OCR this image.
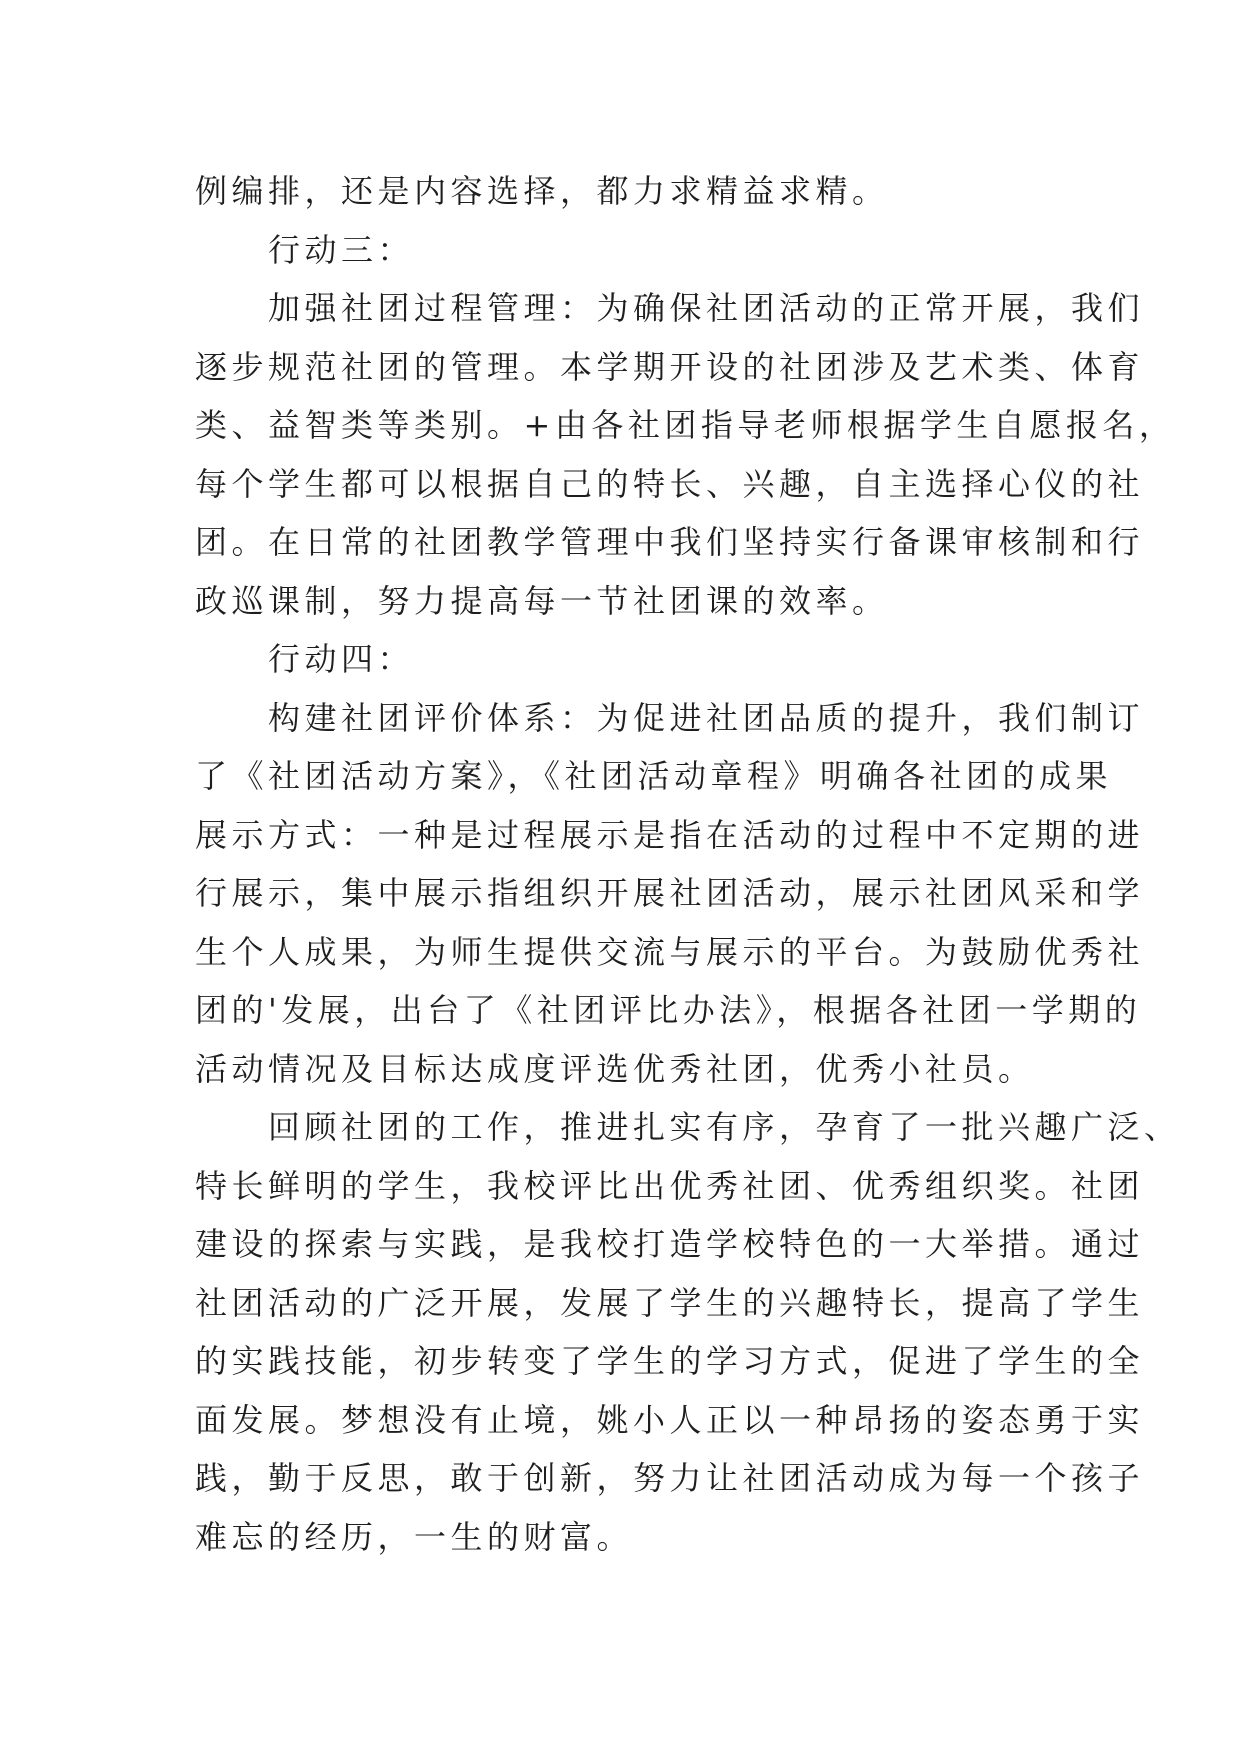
例编排，还是内容选择，都力求精益求精。
　　行动三：
　　加强社团过程管理：为确保社团活动的正常开展，我们
逐步规范社团的管理。本学期开设的社团涉及艺术类、体育
类、益智类等类别。+由各社团指导老师根据学生自愿报名，
每个学生都可以根据自己的特长、兴趣，自主选择心仪的社
团。在日常的社团教学管理中我们坚持实行备课审核制和行
政巡课制，努力提高每一节社团课的效率。
　　行动四：
　　构建社团评价体系：为促进社团品质的提升，我们制订
了《社团活动方案》，《社团活动章程》明确各社团的成果
展示方式：一种是过程展示是指在活动的过程中不定期的进
行展示，集中展示指组织开展社团活动，展示社团风采和学
生个人成果，为师生提供交流与展示的平台。为鼓励优秀社
团的'发展，出台了《社团评比办法》，根据各社团一学期的
活动情况及目标达成度评选优秀社团，优秀小社员。
　　回顾社团的工作，推进扎实有序，孕育了一批兴趣广泛、
特长鲜明的学生，我校评比出优秀社团、优秀组织奖。社团
建设的探索与实践，是我校打造学校特色的一大举措。通过
社团活动的广泛开展，发展了学生的兴趣特长，提高了学生
的实践技能，初步转变了学生的学习方式，促进了学生的全
面发展。梦想没有止境，姚小人正以一种昂扬的姿态勇于实
践，勤于反思，敢于创新，努力让社团活动成为每一个孩子
难忘的经历，一生的财富。
